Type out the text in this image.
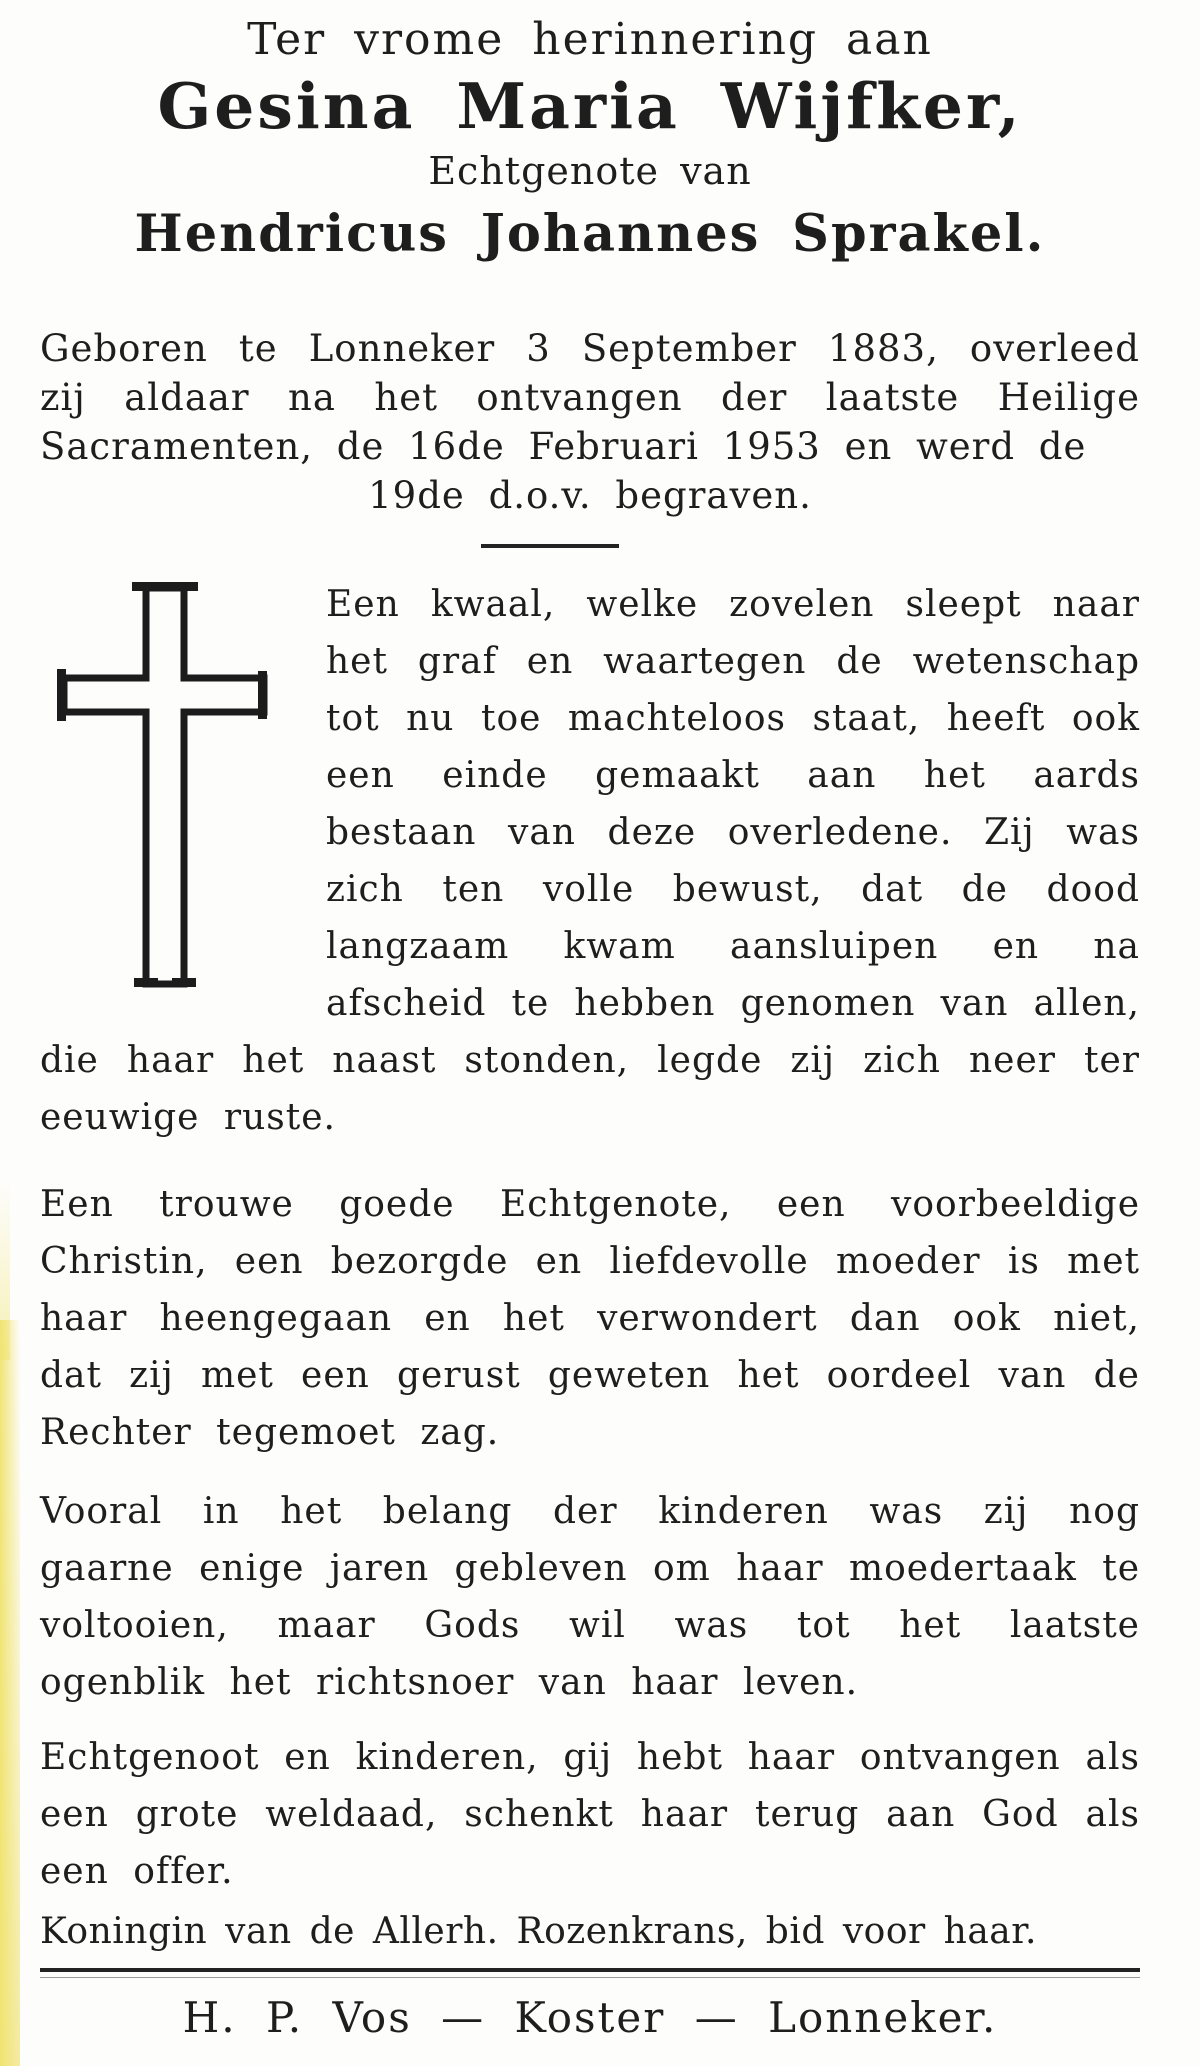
Ter vrome herinnering aan
Gesina Maria Wijfker,
Echtgenote van
Hendricus Johannes Sprakel.
Geboren te Lonneker 3 September 1883, overleed zij aldaar na het ontvangen der laatste Heilige Sacramenten, de 16de Februari 1953 en werd de
19de d.o.v. begraven.

Een kwaal, welke zovelen sleept naar het graf en waartegen de wetenschap tot nu toe machteloos staat, heeft ook een einde gemaakt aan het aards bestaan van deze overledene. Zij was zich ten volle bewust, dat de dood langzaam kwam aansluipen en na afscheid te hebben genomen van allen, die haar het naast stonden, legde zij zich neer ter eeuwige ruste.

Een trouwe goede Echtgenote, een voorbeeldige Christin, een bezorgde en liefdevolle moeder is met haar heengegaan en het verwondert dan ook niet, dat zij met een gerust geweten het oordeel van de Rechter tegemoet zag.

Vooral in het belang der kinderen was zij nog gaarne enige jaren gebleven om haar moedertaak te voltooien, maar Gods wil was tot het laatste ogenblik het richtsnoer van haar leven.

Echtgenoot en kinderen, gij hebt haar ontvangen als een grote weldaad, schenkt haar terug aan God als een offer.

Koningin van de Allerh. Rozenkrans, bid voor haar.

H. P. Vos — Koster — Lonneker.
